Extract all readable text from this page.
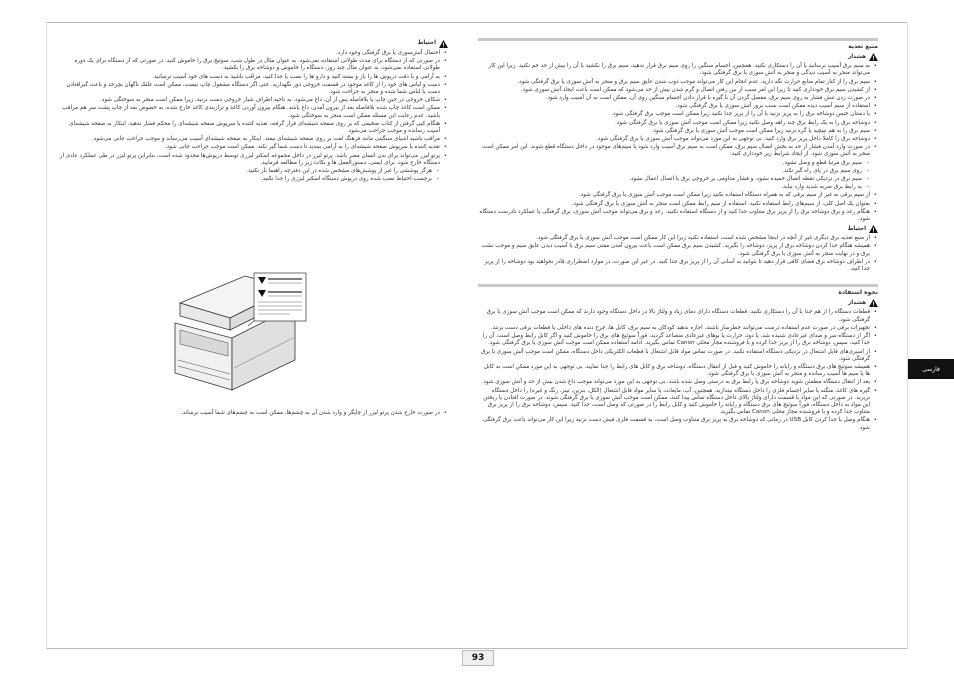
احتیاط
• احتمال آتش‌سوزی یا برق گرفتگی وجود دارد.
• در صورتی که از دستگاه برای مدت طولانی استفاده نمی‌شود، به عنوان مثال در طول شب، سوئیچ برق را خاموش کنید. در صورتی که از دستگاه برای یک دوره طولانی استفاده نمی‌شود، به عنوان مثال چند روز، دستگاه را خاموش و دوشاخه برق را بکشید.
• به آرامی و با دقت درپوش ها را باز و بسته کنید و دارو ها را نصب یا جدا کنید. مراقب باشید به دست های خود آسیب نرسانید.
• دست و لباس های خود را از کاغذ موجود در قسمت خروجی دور نگهدارید. حتی اگر دستگاه مشغول چاپ نیست، ممکن است غلتک ناگهان بچرخد و باعث گیرافتادن دست یا لباس شما شده و منجر به جراحت شود.
• شکاف خروجی در حین چاپ یا بلافاصله پس از آن، داغ می‌شود. به ناحیه اطراف شیار خروجی دست نزنید، زیرا ممکن است منجر به سوختگی شود.
• ممکن است کاغذ چاپ شده بلافاصله بعد از بیرون آمدن، داغ باشد. هنگام بیرون آوردن کاغذ و ترازبندی کاغذ خارج شده، به خصوص بعد از چاپ پشت سر هم مراقب باشید. عدم رعایت این مسئله ممکن است منجر به سوختگی شود.
• هنگام کپی گرفتن از کتاب ضخیمی که بر روی صفحه شیشه‌ای قرار گرفته، تغذیه کننده یا سرپوش صفحه شیشه‌ای را محکم فشار ندهید. اینکار به صفحه شیشه‌ای آسیب رسانده و موجب جراحت می‌شود.
• مراقب باشید اشیای سنگینی مانند فرهنگ لغت بر روی صفحه شیشه‌ای نیفتد. اینکار به صفحه شیشه‌ای آسیب می‌رساند و موجب جراحت جانی می‌شود.
• تغذیه کننده یا سرپوش صفحه شیشه‌ای را به آرامی ببندید تا دست شما گیر نکند. ممکن است موجب جراحت جانی شود.
• پرتو لیزر می‌تواند برای بدن انسان مضر باشد. پرتو لیزر در داخل مجموعه اسکنر لیزری توسط درپوش‌ها محدود شده است، بنابراین پرتو لیزر در طی عملکرد عادی از دستگاه خارج شود. برای ایمنی، دستورالعمل ها و نکات زیر را مطالعه فرمایید.
- هرگز پوششی را غیر از پوشش‌های مشخص شده در این دفترچه راهنما باز نکنید.
- برچسب احتیاط نصب شده روی درپوش دستگاه اسکنر لیزری را جدا نکنید.
• در صورت خارج شدن پرتو لیزر از چاپگر و وارد شدن آن به چشم‌ها، ممکن است به چشم‌های شما آسیب برساند.
منبع تغذیه
هشدار
• به سیم برق آسیب نرسانید یا آن را دستکاری نکنید. همچنین، اجسام سنگین را روی سیم برق قرار ندهید، سیم برق را نکشید یا آن را بیش از حد خم نکنید. زیرا این کار می‌تواند منجر به آسیب دیدگی و منجر به آتش سوزی یا برق گرفتگی شود.
• سیم برق را از کنار تمام منابع حرارت نگه دارید. عدم انجام این کار می‌تواند موجب ذوب شدن عایق سیم برق و منجر به آتش سوزی یا برق گرفتگی شود.
• از کشیدن سیم برق خودداری کنید تا زیرا این امر سبب از بین رفتن اتصال و گرم شدن بیش از حد می‌شود که ممکن است باعث ایجاد آتش سوزی شود.
• در صورت زدن تنش فشار به روی سیم برق، مفصل گردن آن با گیره یا قرار دادن اجسام سنگین روی آن، ممکن است به آن آسیب وارد شود.
• استفاده از سیم آسیب دیده ممکن است سبب بروز آتش سوزی یا برق گرفتگی شود.
• با دستان خیس دوشاخه برق را به پریز نزنید یا آن را از پریز جدا نکنید زیرا ممکن است موجب برق گرفتگی شود.
• دوشاخه برق را به یک رابط برق چند راهه وصل نکنید زیرا ممکن است موجب آتش سوزی یا برق گرفتگی شود.
• سیم برق را به هم نپیچید یا گره نزنید زیرا ممکن است موجب آتش سوزی یا برق گرفتگی شود.
• دوشاخه برق را کاملا داخل پریز برق وارد کنید. بی توجهی به این مورد می‌تواند موجب آتش سوزی یا برق گرفتگی شود.
• در صورت وارد آمدن فشار از حد به بخش اتصال سیم برق، ممکن است به سیم برق آسیب وارد شود یا سیم‌های موجود در داخل دستگاه قطع شوند. این امر ممکن است منجر به آتش سوزی شود. از ایجاد شرایط زیر خودداری کنید:
- سیم برق مرتبا قطع و وصل نشود.
- روی سیم برق در پای راه گیر نکند.
- سیم برق در نزدیکی نقطه اتصال خمیده نشود، و فشار مداومی بر خروجی برق یا اتصال اعمال نشود.
- به رابط برق ضربه شدید وارد نیاید.
• از سیم برقی به غیر از سیم برقی که به همراه دستگاه استفاده نکنید زیرا ممکن است موجب آتش سوزی یا برق گرفتگی شود.
• بعنوان یک اصل کلی، از سیم‌های رابط استفاده نکنید. استفاده از سیم رابط ممکن است منجر به آتش سوزی یا برق گرفتگی شود.
• هنگام رعد و برق دوشاخه برق را از پریز برق متناوب جدا کنید و از دستگاه استفاده نکنید. رعد و برق می‌تواند موجب آتش سوزی، برق گرفتگی یا عملکرد نادرست دستگاه شود.
احتیاط
• از منبع تغذیه برق دیگری غیر از آنچه در اینجا مشخص شده است، استفاده نکنید زیرا این کار ممکن است موجب آتش سوزی یا برق گرفتگی شود.
• همیشه هنگام جدا کردن دوشاخه برق از پریز، دوشاخه را بگیرید. کشیدن سیم برق ممکن است باعث بیرون آمدن مفتی سیم برق یا آسیب دیدن عایق سیم و موجب نشت برق و در نهایت منجر به آتش سوزی یا برق گرفتگی شود.
• در اطراف دوشاخه برق فضای کافی قرار دهید تا بتوانید به آسانی آن را از پریز برق جدا کنید. در غیر این صورت، در موارد اضطراری قادر نخواهید بود دوشاخه را از پریز جدا کنید.
نحوه استفاده
هشدار
• قطعات دستگاه را از هم جدا یا آن را دستکاری نکنید. قطعات دستگاه دارای دمای زیاد و ولتاژ بالا در داخل دستگاه وجود دارند که ممکن است موجب آتش سوزی یا برق گرفتگی شود.
• تجهیزات برقی در صورت عدم استفاده درست می‌توانند خطرساز باشند. اجازه ندهید کودکان به سیم برق، کابل ها، چرخ دنده های داخلی یا قطعات برقی دست بزنند.
• اگر از دستگاه سر و صدای غیرعادی شنیده شد، یا دود، حرارت یا بوهای غیرعادی متصاعد گردید، فوراً سوئیچ های برق را خاموش کنید و اگر کابل رابط وصل است، آن را جدا کنید. سپس، دوشاخه برق را از پریز جدا کرده و با فروشنده مجاز محلی Canon تماس بگیرید. ادامه استفاده ممکن است موجب آتش سوزی یا برق گرفتگی شود.
• از اسپری‌های قابل اشتعال در نزدیکی دستگاه استفاده نکنید. در صورت تماس مواد قابل اشتعال با قطعات الکتریکی داخل دستگاه، ممکن است موجب آتش سوزی یا برق گرفتگی شود.
• همیشه سوئیچ های برق دستگاه و رایانه را خاموش کنید و قبل از انتقال دستگاه، دوشاخه برق و کابل های رابط را جدا نمایید. بی توجهی به این مورد ممکن است به کابل ها یا سیم ها آسیب رسانده و منجر به آتش سوزی یا برق گرفتگی شود.
• بعد از انتقال دستگاه مطمئن شوید دوشاخه برق یا رابط برق به درستی وصل شده باشد. بی توجهی به این مورد می‌تواند موجب داغ شدن بیش از حد و آتش سوزی شود.
• گیره های کاغذ، منگنه یا سایر اجسام فلزی را داخل دستگاه نیندازید. همچنین، آب، مایعات، یا سایر مواد قابل اشتعال (الکل، بنزین، تینر، رنگ و غیره) را داخل دستگاه نریزید. در صورتی که این مواد با قسمت دارای ولتاژ بالای داخل دستگاه تماس پیدا کنند، ممکن است موجب آتش سوزی یا برق گرفتگی شوند. در صورت افتادن یا ریختن این مواد به داخل دستگاه، فوراً سوئیچ های برق دستگاه و رایانه را خاموش کنید و کابل رابط را در صورتی که وصل است، جدا کنید. سپس، دوشاخه برق را از پریز برق متناوب جدا کرده و با فروشنده مجاز محلی Canon تماس بگیرید.
• هنگام وصل یا جدا کردن کابل USB در زمانی که دوشاخه برق به پریز برق متناوب وصل است، به قسمت فلزی فیش دست نزنید زیرا این کار می‌تواند باعث برق گرفتگی شود.
فارسی
93
